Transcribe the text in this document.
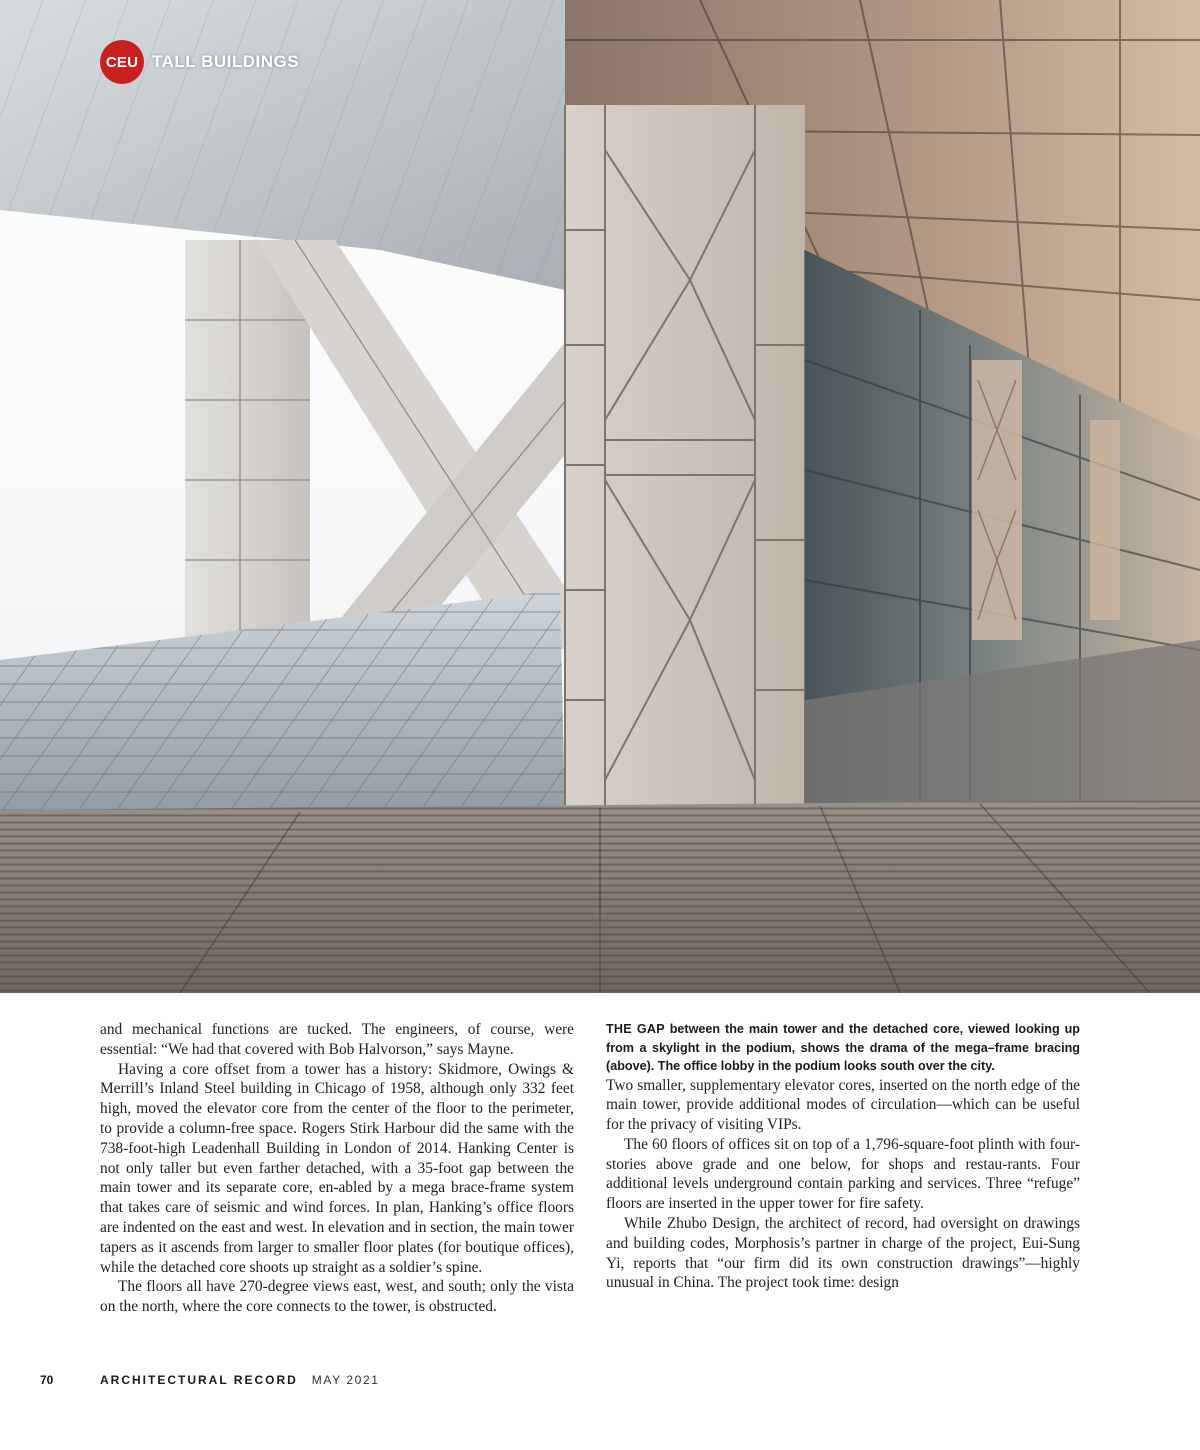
CEU TALL BUILDINGS

and mechanical functions are tucked. The engineers, of course, were essential: “We had that covered with Bob Halvorson,” says Mayne.

Having a core offset from a tower has a history: Skidmore, Owings & Merrill’s Inland Steel building in Chicago of 1958, although only 332 feet high, moved the elevator core from the center of the floor to the perimeter, to provide a column-free space. Rogers Stirk Harbour did the same with the 738-foot-high Leadenhall Building in London of 2014. Hanking Center is not only taller but even farther detached, with a 35-foot gap between the main tower and its separate core, en-abled by a mega brace-frame system that takes care of seismic and wind forces. In plan, Hanking’s office floors are indented on the east and west. In elevation and in section, the main tower tapers as it ascends from larger to smaller floor plates (for boutique offices), while the detached core shoots up straight as a soldier’s spine.

The floors all have 270-degree views east, west, and south; only the vista on the north, where the core connects to the tower, is obstructed.

THE GAP between the main tower and the detached core, viewed looking up from a skylight in the podium, shows the drama of the mega–frame bracing (above). The office lobby in the podium looks south over the city.

Two smaller, supplementary elevator cores, inserted on the north edge of the main tower, provide additional modes of circulation—which can be useful for the privacy of visiting VIPs.

The 60 floors of offices sit on top of a 1,796-square-foot plinth with four-stories above grade and one below, for shops and restau-rants. Four additional levels underground contain parking and services. Three “refuge” floors are inserted in the upper tower for fire safety.

While Zhubo Design, the architect of record, had oversight on drawings and building codes, Morphosis’s partner in charge of the project, Eui-Sung Yi, reports that “our firm did its own construction drawings”—highly unusual in China. The project took time: design

70	ARCHITECTURAL RECORD MAY 2021
